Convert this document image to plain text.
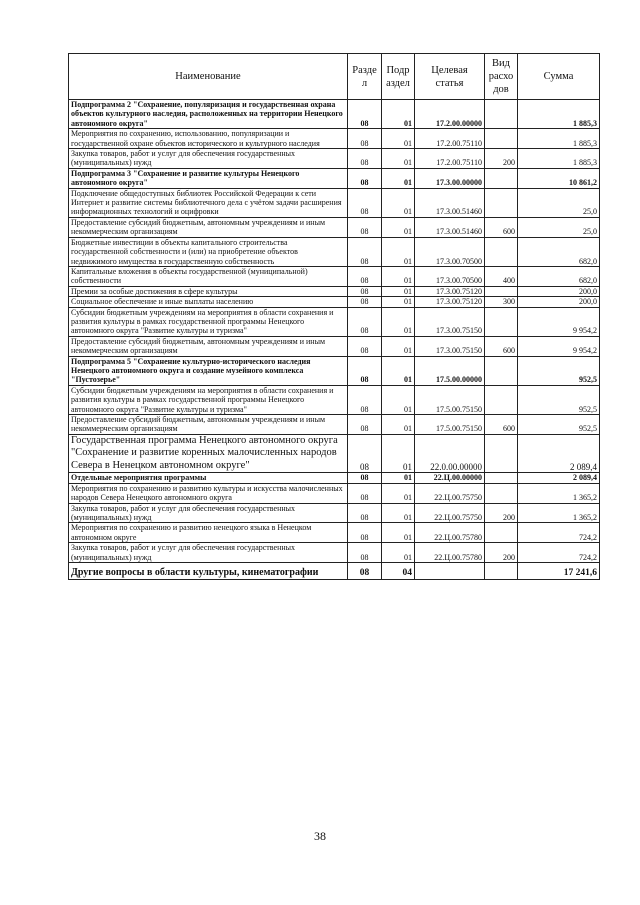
Наименование	Разде л	Подр аздел	Целевая статья	Вид расхо дов	Сумма
Подпрограмма 2 "Сохранение, популяризация и государственная охрана объектов культурного наследия, расположенных на территории Ненецкого автономного округа"	08	01	17.2.00.00000		1 885,3
Мероприятия по сохранению, использованию, популяризации и государственной охране объектов исторического и культурного наследия	08	01	17.2.00.75110		1 885,3
Закупка товаров, работ и услуг для обеспечения государственных (муниципальных) нужд	08	01	17.2.00.75110	200	1 885,3
Подпрограмма 3 "Сохранение и развитие культуры Ненецкого автономного округа"	08	01	17.3.00.00000		10 861,2
Подключение общедоступных библиотек Российской Федерации к сети Интернет и развитие системы библиотечного дела с учётом задачи расширения информационных технологий и оцифровки	08	01	17.3.00.51460		25,0
Предоставление субсидий бюджетным, автономным учреждениям и иным некоммерческим организациям	08	01	17.3.00.51460	600	25,0
Бюджетные инвестиции в объекты капитального строительства государственной собственности и (или) на приобретение объектов недвижимого имущества в государственную собственность	08	01	17.3.00.70500		682,0
Капитальные вложения в объекты государственной (муниципальной) собственности	08	01	17.3.00.70500	400	682,0
Премии за особые достижения в сфере культуры	08	01	17.3.00.75120		200,0
Социальное обеспечение и иные выплаты населению	08	01	17.3.00.75120	300	200,0
Субсидии бюджетным учреждениям на мероприятия в области сохранения и развития культуры в рамках государственной программы Ненецкого автономного округа "Развитие культуры и туризма"	08	01	17.3.00.75150		9 954,2
Предоставление субсидий бюджетным, автономным учреждениям и иным некоммерческим организациям	08	01	17.3.00.75150	600	9 954,2
Подпрограмма 5 "Сохранение культурно-исторического наследия Ненецкого автономного округа и создание музейного комплекса "Пустозерье"	08	01	17.5.00.00000		952,5
Субсидии бюджетным учреждениям на мероприятия в области сохранения и развития культуры в рамках государственной программы Ненецкого автономного округа "Развитие культуры и туризма"	08	01	17.5.00.75150		952,5
Предоставление субсидий бюджетным, автономным учреждениям и иным некоммерческим организациям	08	01	17.5.00.75150	600	952,5
Государственная программа Ненецкого автономного округа "Сохранение и развитие коренных малочисленных народов Севера в Ненецком автономном округе"	08	01	22.0.00.00000		2 089,4
Отдельные мероприятия программы	08	01	22.Ц.00.00000		2 089,4
Мероприятия по сохранению и развитию культуры и искусства малочисленных народов Севера Ненецкого автономного округа	08	01	22.Ц.00.75750		1 365,2
Закупка товаров, работ и услуг для обеспечения государственных (муниципальных) нужд	08	01	22.Ц.00.75750	200	1 365,2
Мероприятия по сохранению и развитию ненецкого языка в Ненецком автономном округе	08	01	22.Ц.00.75780		724,2
Закупка товаров, работ и услуг для обеспечения государственных (муниципальных) нужд	08	01	22.Ц.00.75780	200	724,2
Другие вопросы в области культуры, кинематографии	08	04			17 241,6
38
